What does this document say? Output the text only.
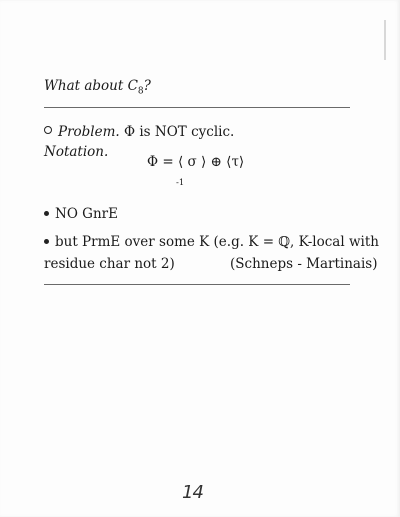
What about $C_8$?
Problem. Φ is NOT cyclic.
Notation.
Φ = ⟨ σ ⟩ ⊕ ⟨τ⟩
-1
NO GnrE
but PrmE over some K (e.g. K = ℚ, K-local with
residue char not 2)	(Schneps - Martinais)
14
